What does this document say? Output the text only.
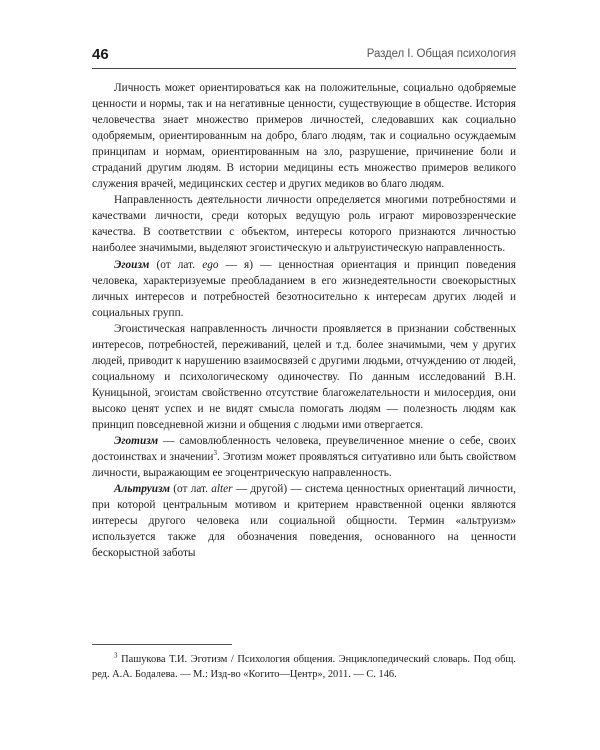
46	Раздел I. Общая психология

Личность может ориентироваться как на положительные, социально одобряемые ценности и нормы, так и на негативные ценности, существующие в обществе. История человечества знает множество примеров личностей, следовавших как социально одобряемым, ориентированным на добро, благо людям, так и социально осуждаемым принципам и нормам, ориентированным на зло, разрушение, причинение боли и страданий другим людям. В истории медицины есть множество примеров великого служения врачей, медицинских сестер и других медиков во благо людям.

Направленность деятельности личности определяется многими потребностями и качествами личности, среди которых ведущую роль играют мировоззренческие качества. В соответствии с объектом, интересы которого признаются личностью наиболее значимыми, выделяют эгоистическую и альтруистическую направленность.

Эгоизм (от лат. ego — я) — ценностная ориентация и принцип поведения человека, характеризуемые преобладанием в его жизнедеятельности своекорыстных личных интересов и потребностей безотносительно к интересам других людей и социальных групп.

Эгоистическая направленность личности проявляется в признании собственных интересов, потребностей, переживаний, целей и т.д. более значимыми, чем у других людей, приводит к нарушению взаимосвязей с другими людьми, отчуждению от людей, социальному и психологическому одиночеству. По данным исследований В.Н. Куницыной, эгоистам свойственно отсутствие благожелательности и милосердия, они высоко ценят успех и не видят смысла помогать людям — полезность людям как принцип повседневной жизни и общения с людьми ими отвергается.

Эготизм — самовлюбленность человека, преувеличенное мнение о себе, своих достоинствах и значении$^3$. Эготизм может проявляться ситуативно или быть свойством личности, выражающим ее эгоцентрическую направленность.

Альтруизм (от лат. alter — другой) — система ценностных ориентаций личности, при которой центральным мотивом и критерием нравственной оценки являются интересы другого человека или социальной общности. Термин «альтруизм» используется также для обозначения поведения, основанного на ценности бескорыстной заботы

$^3$ Пашукова Т.И. Эготизм / Психология общения. Энциклопедический словарь. Под общ. ред. А.А. Бодалева. — М.: Изд-во «Когито—Центр», 2011. — С. 146.
